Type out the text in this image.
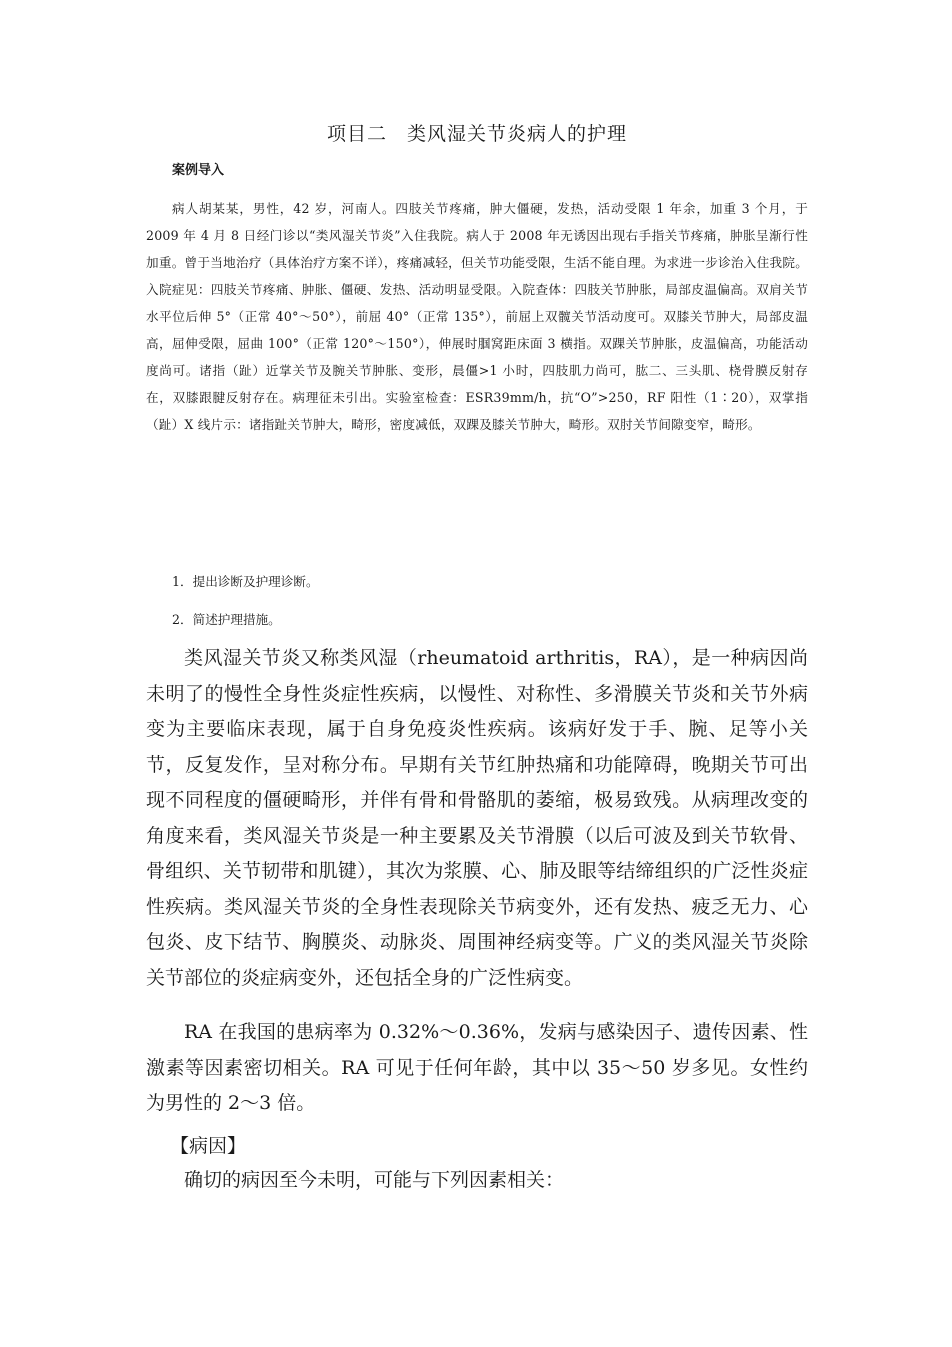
项目二　类风湿关节炎病人的护理
案例导入

病人胡某某，男性，42 岁，河南人。四肢关节疼痛，肿大僵硬，发热，活动受限 1 年余，加重 3 个月，于 2009 年 4 月 8 日经门诊以“类风湿关节炎”入住我院。病人于 2008 年无诱因出现右手指关节疼痛，肿胀呈渐行性加重。曾于当地治疗（具体治疗方案不详），疼痛减轻，但关节功能受限，生活不能自理。为求进一步诊治入住我院。入院症见：四肢关节疼痛、肿胀、僵硬、发热、活动明显受限。入院查体：四肢关节肿胀，局部皮温偏高。双肩关节水平位后伸 5°（正常 40°～50°），前屈 40°（正常 135°），前屈上双髋关节活动度可。双膝关节肿大，局部皮温高，屈伸受限，屈曲 100°（正常 120°～150°），伸展时腘窝距床面 3 横指。双踝关节肿胀，皮温偏高，功能活动度尚可。诸指（趾）近掌关节及腕关节肿胀、变形，晨僵>1 小时，四肢肌力尚可，肱二、三头肌、桡骨膜反射存在，双膝跟腱反射存在。病理征未引出。实验室检查：ESR39mm/h，抗“O”>250，RF 阳性（1∶20），双掌指（趾）X 线片示：诸指趾关节肿大，畸形，密度减低，双踝及膝关节肿大，畸形。双肘关节间隙变窄，畸形。

1．提出诊断及护理诊断。
2．简述护理措施。

类风湿关节炎又称类风湿（rheumatoid arthritis，RA），是一种病因尚未明了的慢性全身性炎症性疾病，以慢性、对称性、多滑膜关节炎和关节外病变为主要临床表现，属于自身免疫炎性疾病。该病好发于手、腕、足等小关节，反复发作，呈对称分布。早期有关节红肿热痛和功能障碍，晚期关节可出现不同程度的僵硬畸形，并伴有骨和骨骼肌的萎缩，极易致残。从病理改变的角度来看，类风湿关节炎是一种主要累及关节滑膜（以后可波及到关节软骨、骨组织、关节韧带和肌键），其次为浆膜、心、肺及眼等结缔组织的广泛性炎症性疾病。类风湿关节炎的全身性表现除关节病变外，还有发热、疲乏无力、心包炎、皮下结节、胸膜炎、动脉炎、周围神经病变等。广义的类风湿关节炎除关节部位的炎症病变外，还包括全身的广泛性病变。

RA 在我国的患病率为 0.32%～0.36%，发病与感染因子、遗传因素、性激素等因素密切相关。RA 可见于任何年龄，其中以 35～50 岁多见。女性约为男性的 2～3 倍。

【病因】
确切的病因至今未明，可能与下列因素相关：
